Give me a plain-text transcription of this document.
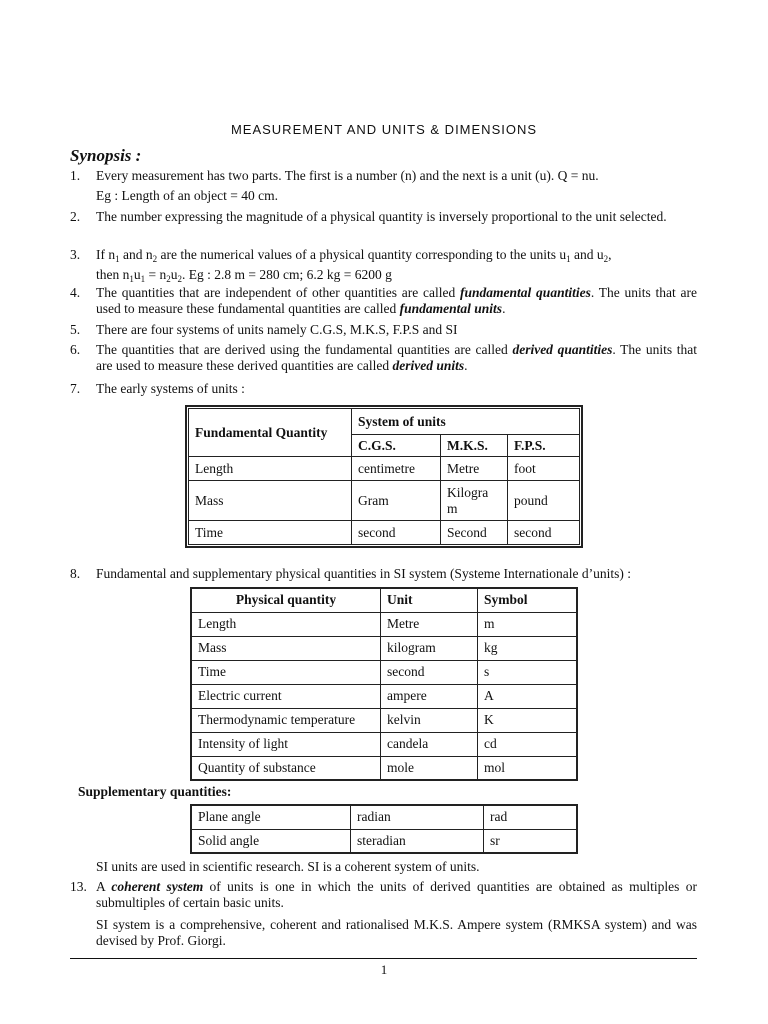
MEASUREMENT AND UNITS & DIMENSIONS
Synopsis :
1. Every measurement has two parts. The first is a number (n) and the next is a unit (u). Q = nu.
Eg : Length of an object = 40 cm.
2. The number expressing the magnitude of a physical quantity is inversely proportional to the unit selected.
3. If $n_1$ and $n_2$ are the numerical values of a physical quantity corresponding to the units $u_1$ and $u_2$,
then $n_1u_1 = n_2u_2$. Eg : 2.8 m = 280 cm; 6.2 kg = 6200 g
4. The quantities that are independent of other quantities are called fundamental quantities. The units that are used to measure these fundamental quantities are called fundamental units.
5. There are four systems of units namely C.G.S, M.K.S, F.P.S and SI
6. The quantities that are derived using the fundamental quantities are called derived quantities. The units that are used to measure these derived quantities are called derived units.
7. The early systems of units :
Fundamental Quantity	System of units		
	C.G.S.	M.K.S.	F.P.S.
Length	centimetre	Metre	foot
Mass	Gram	Kilogra m	pound
Time	second	Second	second
8. Fundamental and supplementary physical quantities in SI system (Systeme Internationale d’units) :
Physical quantity	Unit	Symbol
Length	Metre	m
Mass	kilogram	kg
Time	second	s
Electric current	ampere	A
Thermodynamic temperature	kelvin	K
Intensity of light	candela	cd
Quantity of substance	mole	mol
Supplementary quantities:
Plane angle	radian	rad
Solid angle	steradian	sr
SI units are used in scientific research. SI is a coherent system of units.
13. A coherent system of units is one in which the units of derived quantities are obtained as multiples or submultiples of certain basic units.
SI system is a comprehensive, coherent and rationalised M.K.S. Ampere system (RMKSA system) and was devised by Prof. Giorgi.
1
